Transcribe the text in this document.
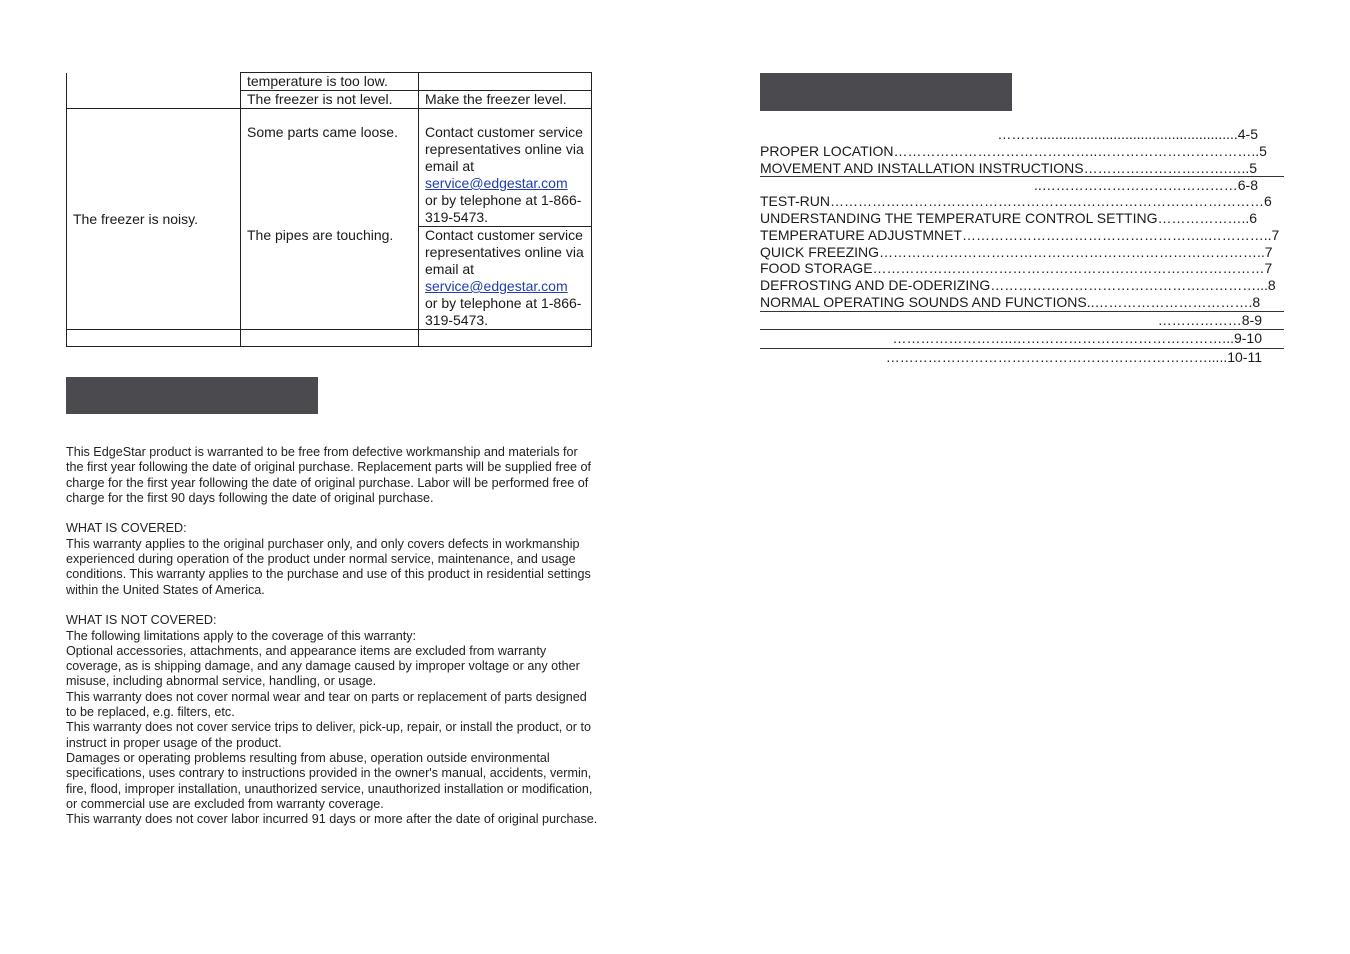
	temperature is too low.	
	The freezer is not level.	Make the freezer level.
The freezer is noisy.	Some parts came loose.	Contact customer service representatives online via email at
service@edgestar.com
or by telephone at 1-866-319-5473.

	The pipes are touching.	Contact customer service representatives online via email at
service@edgestar.com
or by telephone at 1-866-319-5473.

This EdgeStar product is warranted to be free from defective workmanship and materials for the first year following the date of original purchase. Replacement parts will be supplied free of charge for the first year following the date of original purchase. Labor will be performed free of charge for the first 90 days following the date of original purchase.

WHAT IS COVERED:

This warranty applies to the original purchaser only, and only covers defects in workmanship experienced during operation of the product under normal service, maintenance, and usage conditions. This warranty applies to the purchase and use of this product in residential settings within the United States of America.

WHAT IS NOT COVERED:

The following limitations apply to the coverage of this warranty:

Optional accessories, attachments, and appearance items are excluded from warranty coverage, as is shipping damage, and any damage caused by improper voltage or any other misuse, including abnormal service, handling, or usage.

This warranty does not cover normal wear and tear on parts or replacement of parts designed to be replaced, e.g. filters, etc.

This warranty does not cover service trips to deliver, pick-up, repair, or install the product, or to instruct in proper usage of the product.

Damages or operating problems resulting from abuse, operation outside environmental specifications, uses contrary to instructions provided in the owner's manual, accidents, vermin, fire, flood, improper installation, unauthorized service, unauthorized installation or modification, or commercial use are excluded from warranty coverage.

This warranty does not cover labor incurred 91 days or more after the date of original purchase.

………...................................................4-5
PROPER LOCATION……………………………………..……………………………..5
MOVEMENT AND INSTALLATION INSTRUCTIONS………………………….…..5
..……………………………………6-8
TEST-RUN…………………………………………………………………………………6
UNDERSTANDING THE TEMPERATURE CONTROL SETTING………………..6
TEMPERATURE ADJUSTMNET……………………………………………..…………..7
QUICK FREEZING………………………………………………………………………..7
FOOD STORAGE…………………………………………………………………………7
DEFROSTING AND DE-ODERIZING…………………………………………………...8
NORMAL OPERATING SOUNDS AND FUNCTIONS..…………………………….8
………………8-9
……………………..………………………………………...9-10
…………………………………………………………….....10-11
